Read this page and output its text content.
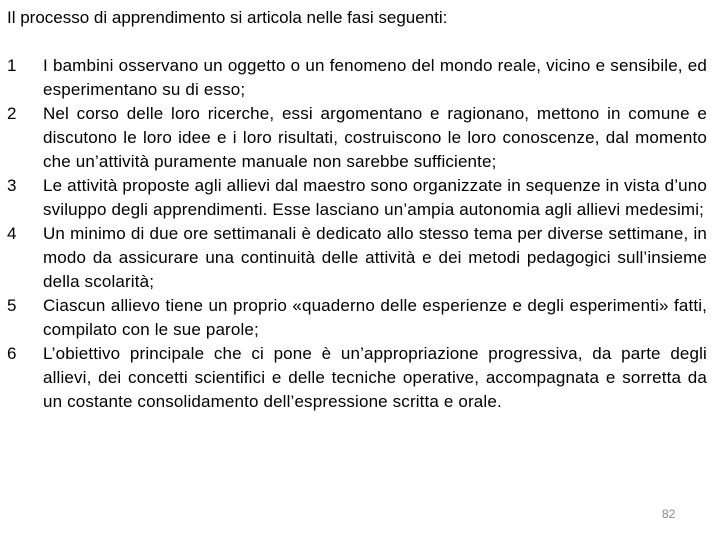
Il processo di apprendimento si articola nelle fasi seguenti:
1 I bambini osservano un oggetto o un fenomeno del mondo reale, vicino e sensibile, ed esperimentano su di esso;
2 Nel corso delle loro ricerche, essi argomentano e ragionano, mettono in comune e discutono le loro idee e i loro risultati, costruiscono le loro conoscenze, dal momento che un’attività puramente manuale non sarebbe sufficiente;
3 Le attività proposte agli allievi dal maestro sono organizzate in sequenze in vista d’uno sviluppo degli apprendimenti. Esse lasciano un’ampia autonomia agli allievi medesimi;
4 Un minimo di due ore settimanali è dedicato allo stesso tema per diverse settimane, in modo da assicurare una continuità delle attività e dei metodi pedagogici sull’insieme della scolarità;
5 Ciascun allievo tiene un proprio «quaderno delle esperienze e degli esperimenti» fatti, compilato con le sue parole;
6 L’obiettivo principale che ci pone è un’appropriazione progressiva, da parte degli allievi, dei concetti scientifici e delle tecniche operative, accompagnata e sorretta da un costante consolidamento dell’espressione scritta e orale.
82
